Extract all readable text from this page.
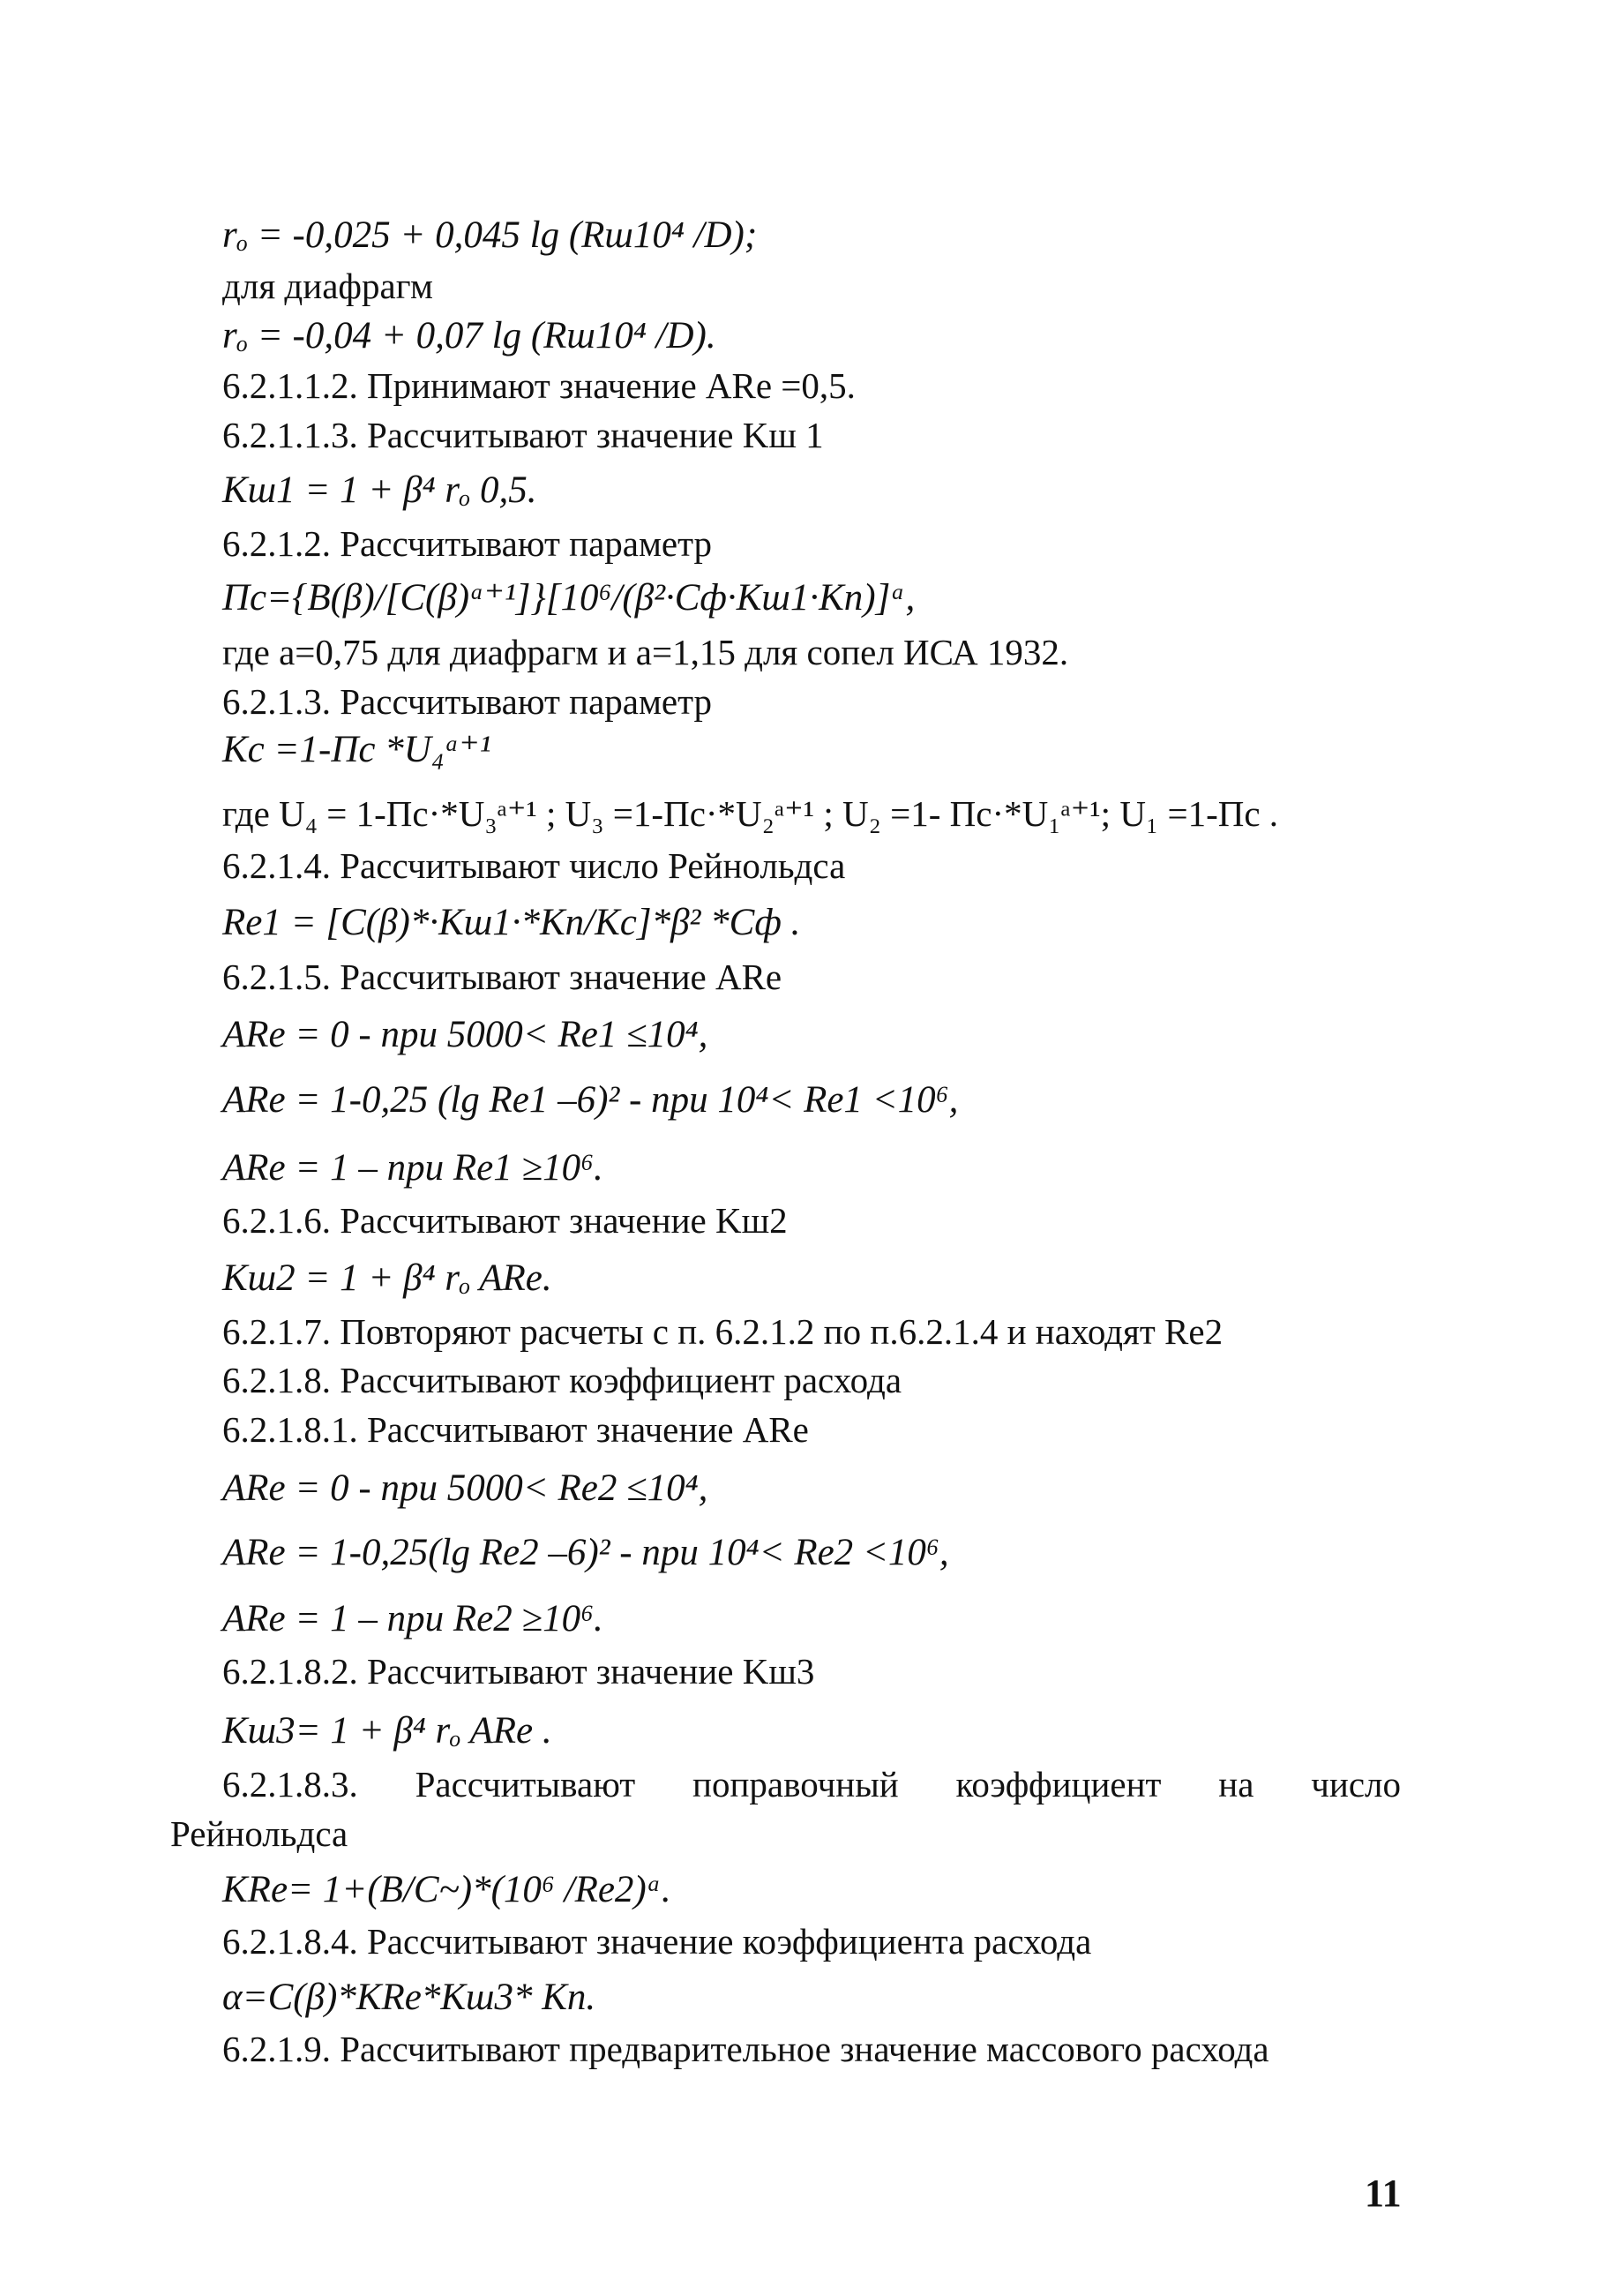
rₒ = -0,025 + 0,045 lg (Rш10⁴ /D);
для диафрагм
rₒ = -0,04 + 0,07 lg (Rш10⁴ /D).
6.2.1.1.2. Принимают значение ARe =0,5.
6.2.1.1.3. Рассчитывают значение Kш 1
Kш1 = 1 + β⁴ rₒ 0,5.
6.2.1.2. Рассчитывают параметр
Пс={B(β)/[C(β)ᵃ⁺¹]}[10⁶/(β²·Cф·Kш1·Kп)]ᵃ,
где a=0,75 для диафрагм и a=1,15 для сопел ИСА 1932.
6.2.1.3. Рассчитывают параметр
Kс =1-Пс *U₄ᵃ⁺¹
где U₄ = 1-Пс·*U₃ᵃ⁺¹ ; U₃ =1-Пс·*U₂ᵃ⁺¹ ; U₂ =1- Пс·*U₁ᵃ⁺¹; U₁ =1-Пс .
6.2.1.4. Рассчитывают число Рейнольдса
Re1 = [C(β)*·Kш1·*Kп/Kс]*β² *Cф .
6.2.1.5. Рассчитывают значение ARe
ARe = 0 - при 5000< Re1 ≤10⁴,
ARe = 1-0,25 (lg Re1 –6)² - при 10⁴< Re1 <10⁶,
ARe = 1 – при Re1 ≥10⁶.
6.2.1.6. Рассчитывают значение Kш2
Kш2 = 1 + β⁴ rₒ ARe.
6.2.1.7. Повторяют расчеты с п. 6.2.1.2 по п.6.2.1.4 и находят Re2
6.2.1.8. Рассчитывают коэффициент расхода
6.2.1.8.1. Рассчитывают значение ARe
ARe = 0 - при 5000< Re2 ≤10⁴,
ARe = 1-0,25(lg Re2 –6)² - при 10⁴< Re2 <10⁶,
ARe = 1 – при Re2 ≥10⁶.
6.2.1.8.2. Рассчитывают значение Kш3
Kш3= 1 + β⁴ rₒ ARe .
6.2.1.8.3. Рассчитывают поправочный коэффициент на число
Рейнольдса
KRe= 1+(B/C~)*(10⁶ /Re2)ᵃ.
6.2.1.8.4. Рассчитывают значение коэффициента расхода
α=C(β)*KRe*Kш3* Kп.
6.2.1.9. Рассчитывают предварительное значение массового расхода
11
